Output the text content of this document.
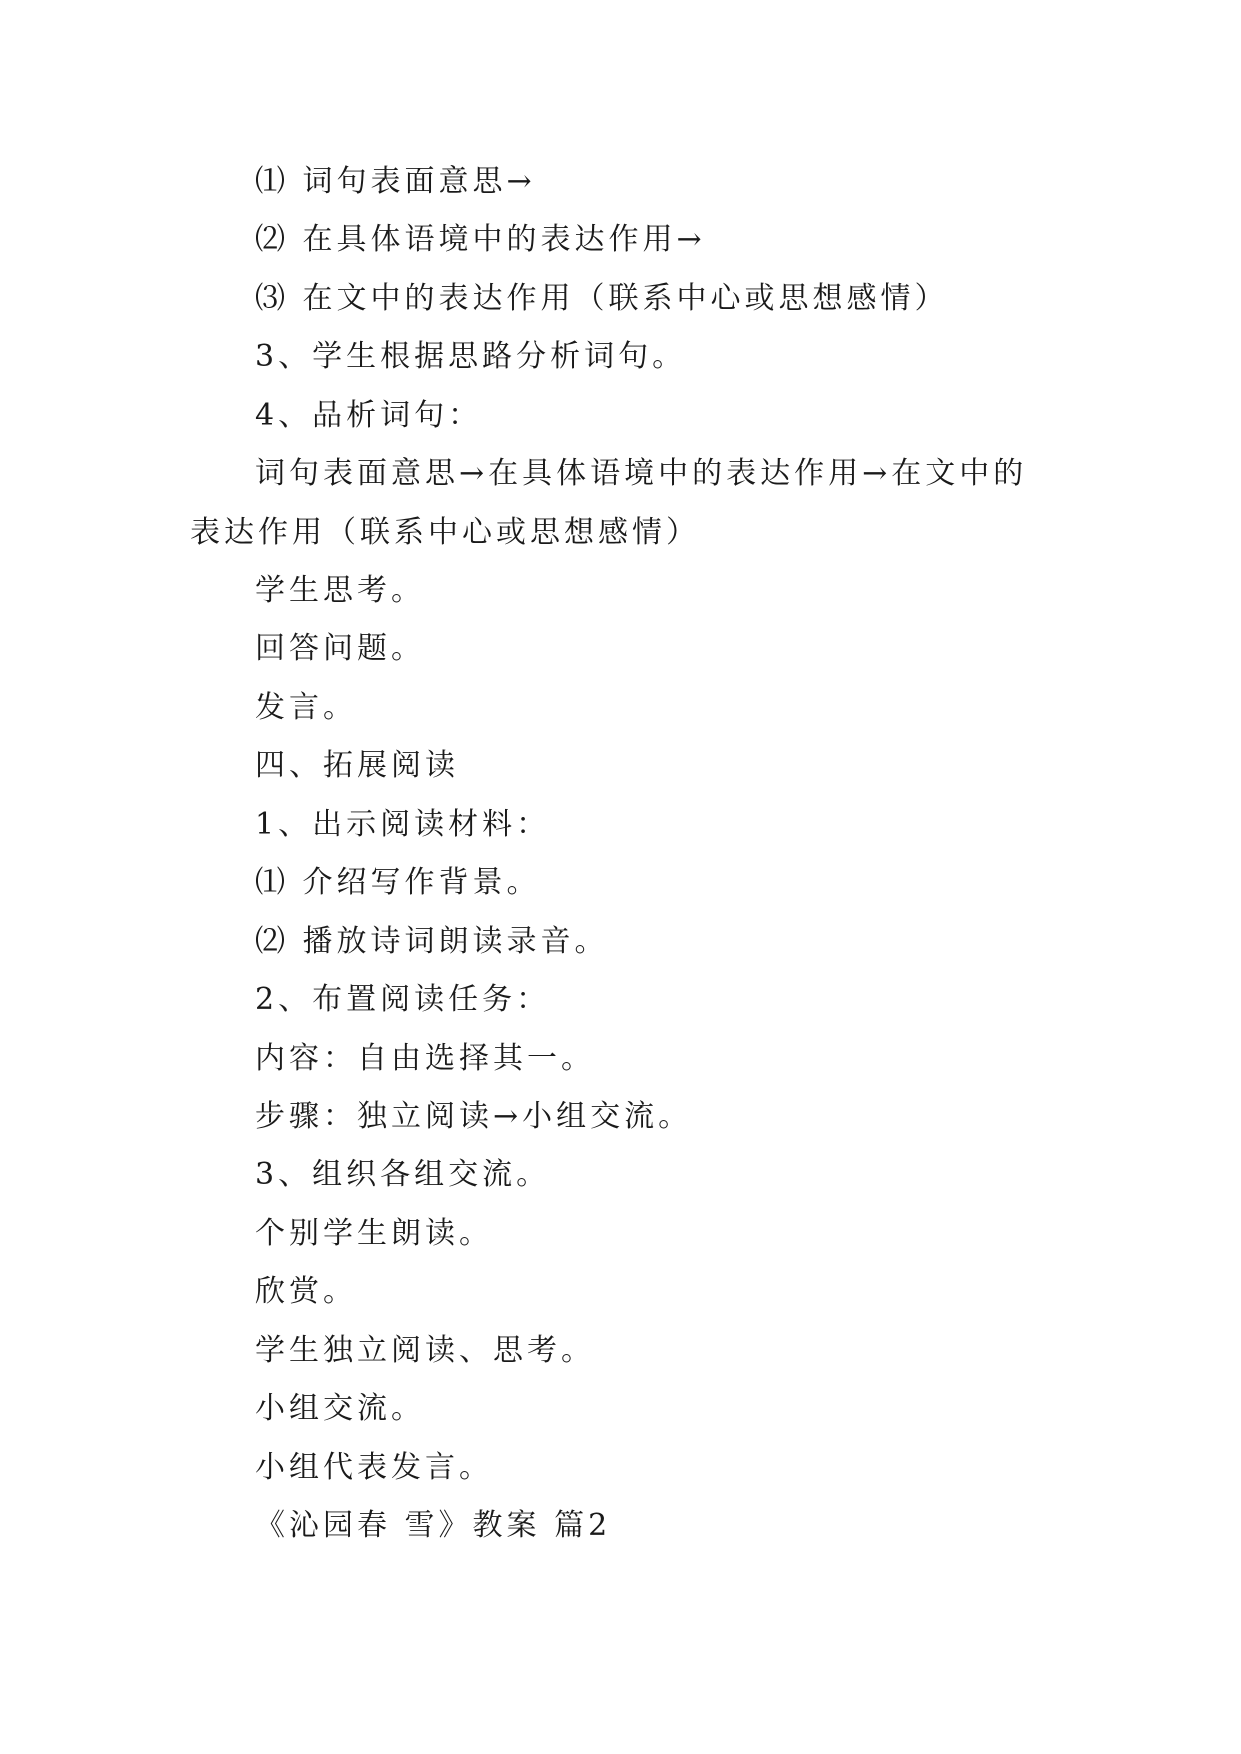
⑴ 词句表面意思→
⑵ 在具体语境中的表达作用→
⑶ 在文中的表达作用（联系中心或思想感情）
3、学生根据思路分析词句。
4、品析词句：
词句表面意思→在具体语境中的表达作用→在文中的
表达作用（联系中心或思想感情）
学生思考。
回答问题。
发言。
四、拓展阅读
1、出示阅读材料：
⑴ 介绍写作背景。
⑵ 播放诗词朗读录音。
2、布置阅读任务：
内容：自由选择其一。
步骤：独立阅读→小组交流。
3、组织各组交流。
个别学生朗读。
欣赏。
学生独立阅读、思考。
小组交流。
小组代表发言。
《沁园春 雪》教案 篇2
